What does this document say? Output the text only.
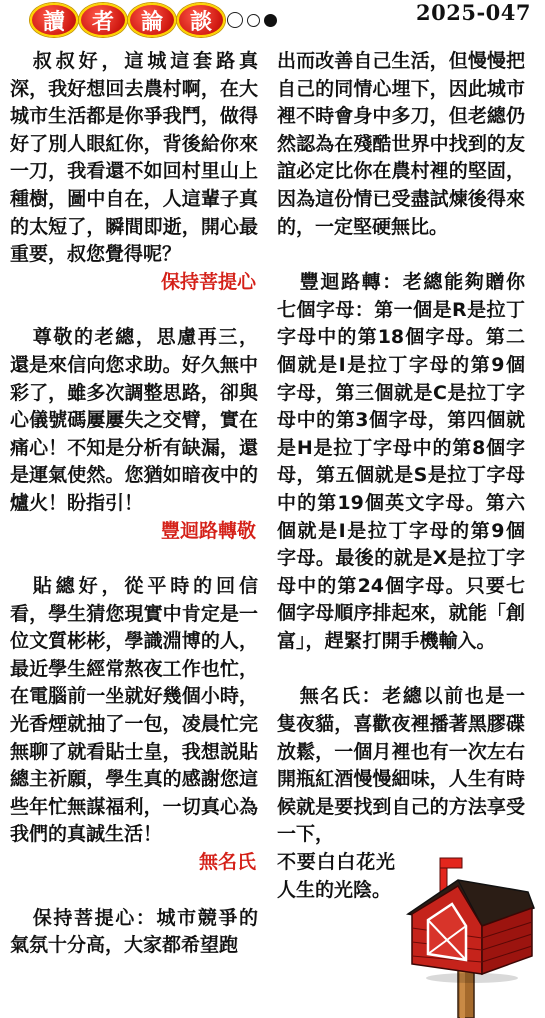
讀	者	論	談	2025-047

叔叔好，這城這套路真深，我好想回去農村啊，在大城市生活都是你爭我鬥，做得好了別人眼紅你，背後給你來一刀，我看還不如回村里山上種樹，圖中自在，人這輩子真的太短了，瞬間即逝，開心最重要，叔您覺得呢？

保持菩提心

尊敬的老總，思慮再三，還是來信向您求助。好久無中彩了，雖多次調整思路，卻與心儀號碼屢屢失之交臂，實在痛心！不知是分析有缺漏，還是運氣使然。您猶如暗夜中的爐火！盼指引！

豐迴路轉敬

貼總好，從平時的回信看，學生猜您現實中肯定是一位文質彬彬，學識淵博的人，最近學生經常熬夜工作也忙，在電腦前一坐就好幾個小時，光香煙就抽了一包，凌晨忙完無聊了就看貼士皇，我想説貼總主祈願，學生真的感謝您這些年忙無謀福利，一切真心為我們的真誠生活！

無名氏

保持菩提心：城市競爭的氣氛十分高，大家都希望跑

出而改善自己生活，但慢慢把自己的同情心埋下，因此城市裡不時會身中多刀，但老總仍然認為在殘酷世界中找到的友誼必定比你在農村裡的堅固，因為這份情已受盡試煉後得來的，一定堅硬無比。

豐迴路轉：老總能夠贈你七個字母：第一個是R是拉丁字母中的第18個字母。第二個就是I是拉丁字母的第9個字母，第三個就是C是拉丁字母中的第3個字母，第四個就是H是拉丁字母中的第8個字母，第五個就是S是拉丁字母中的第19個英文字母。第六個就是I是拉丁字母的第9個字母。最後的就是X是拉丁字母中的第24個字母。只要七個字母順序排起來，就能「創富」，趕緊打開手機輸入。

無名氏：老總以前也是一隻夜貓，喜歡夜裡播著黑膠碟放鬆，一個月裡也有一次左右開瓶紅酒慢慢細味，人生有時候就是要找到自己的方法享受一下，

不要白白花光人生的光陰。
